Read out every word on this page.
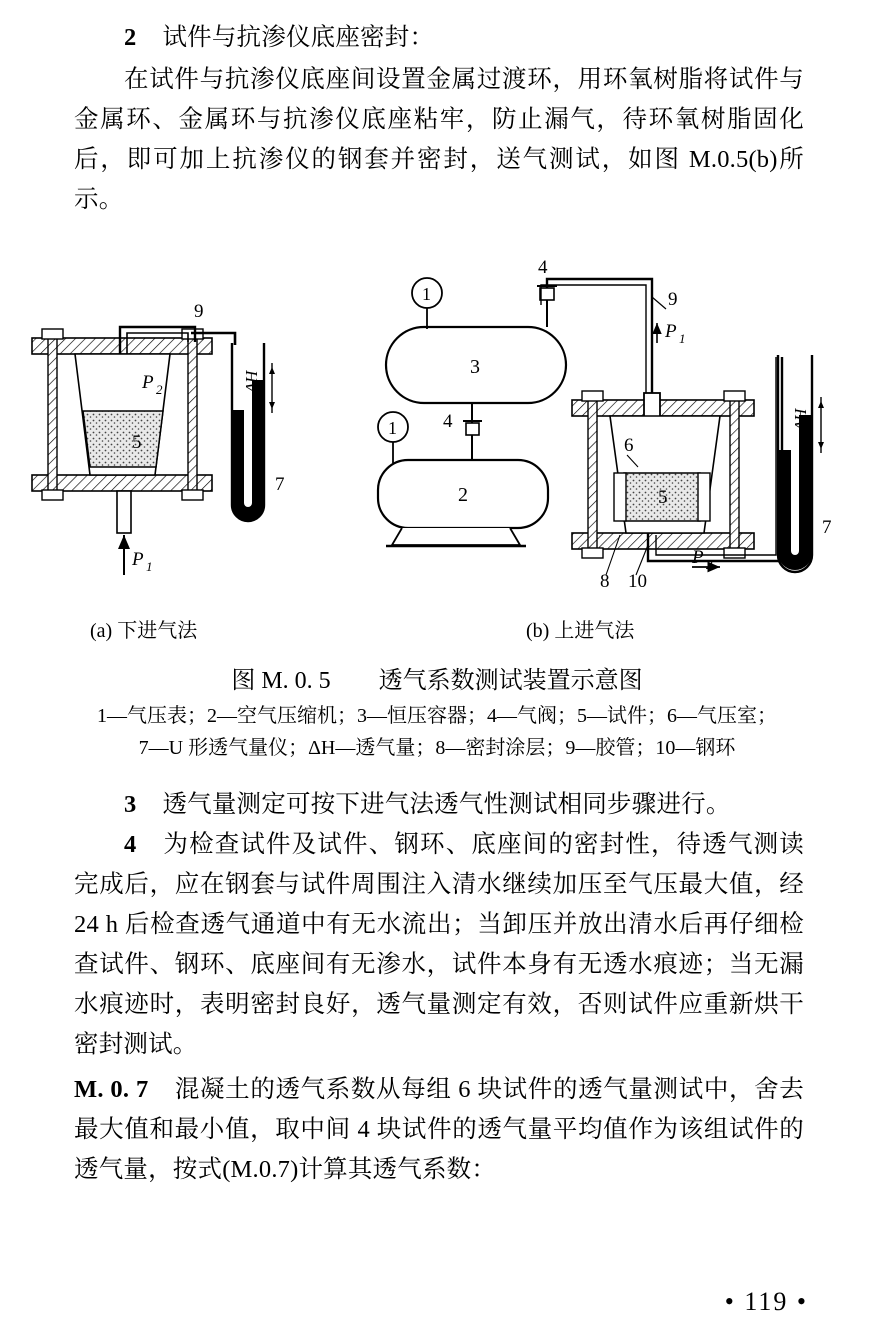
2 试件与抗渗仪底座密封：
在试件与抗渗仪底座间设置金属过渡环，用环氧树脂将试件与金属环、金属环与抗渗仪底座粘牢，防止漏气，待环氧树脂固化后，即可加上抗渗仪的钢套并密封，送气测试，如图 M.0.5(b)所示。
9
P 2
5
7
ΔH
P 1
(a) 下进气法
3
1
2
1 4
4
9
P 1
5
6
P 2
8 10
ΔH
7
(b) 上进气法
图 M. 0. 5　　透气系数测试装置示意图
1—气压表；2—空气压缩机；3—恒压容器；4—气阀；5—试件；6—气压室；
7—U 形透气量仪；ΔH—透气量；8—密封涂层；9—胶管；10—钢环
3 透气量测定可按下进气法透气性测试相同步骤进行。
4 为检查试件及试件、钢环、底座间的密封性，待透气测读完成后，应在钢套与试件周围注入清水继续加压至气压最大值，经 24 h 后检查透气通道中有无水流出；当卸压并放出清水后再仔细检查试件、钢环、底座间有无渗水，试件本身有无透水痕迹；当无漏水痕迹时，表明密封良好，透气量测定有效，否则试件应重新烘干密封测试。
M. 0. 7 混凝土的透气系数从每组 6 块试件的透气量测试中，舍去最大值和最小值，取中间 4 块试件的透气量平均值作为该组试件的透气量，按式(M.0.7)计算其透气系数：
• 119 •
